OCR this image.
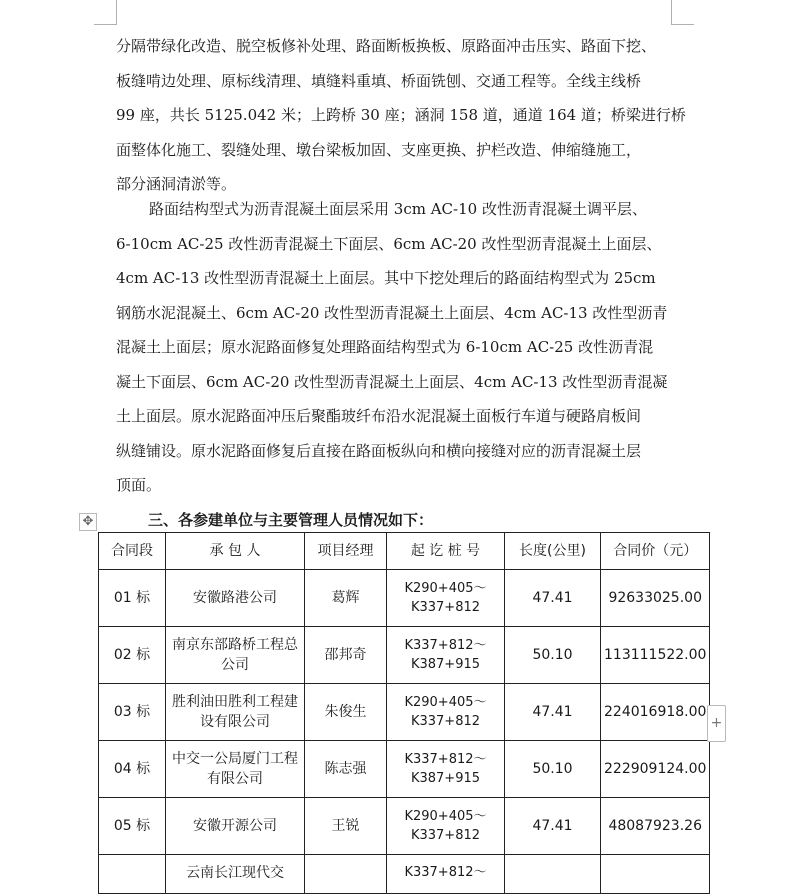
分隔带绿化改造、脱空板修补处理、路面断板换板、原路面冲击压实、路面下挖、
板缝啃边处理、原标线清理、填缝料重填、桥面铣刨、交通工程等。全线主线桥
99 座，共长 5125.042 米；上跨桥 30 座；涵洞 158 道，通道 164 道；桥梁进行桥
面整体化施工、裂缝处理、墩台梁板加固、支座更换、护栏改造、伸缩缝施工，
部分涵洞清淤等。
路面结构型式为沥青混凝土面层采用 3cm AC-10 改性沥青混凝土调平层、
6-10cm AC-25 改性沥青混凝土下面层、6cm AC-20 改性型沥青混凝土上面层、
4cm AC-13 改性型沥青混凝土上面层。其中下挖处理后的路面结构型式为 25cm
钢筋水泥混凝土、6cm AC-20 改性型沥青混凝土上面层、4cm AC-13 改性型沥青
混凝土上面层；原水泥路面修复处理路面结构型式为 6-10cm AC-25 改性沥青混
凝土下面层、6cm AC-20 改性型沥青混凝土上面层、4cm AC-13 改性型沥青混凝
土上面层。原水泥路面冲压后聚酯玻纤布沿水泥混凝土面板行车道与硬路肩板间
纵缝铺设。原水泥路面修复后直接在路面板纵向和横向接缝对应的沥青混凝土层
顶面。
✥	三、各参建单位与主要管理人员情况如下：
合同段	承 包 人	项目经理	起 讫 桩 号	长度(公里)	合同价（元）
01 标	安徽路港公司	葛辉	K290+405～
K337+812	47.41	92633025.00
02 标	南京东部路桥工程总公司	邵邦奇	K337+812～
K387+915	50.10	113111522.00
03 标	胜利油田胜利工程建设有限公司	朱俊生	K290+405～
K337+812	47.41	224016918.00
04 标	中交一公局厦门工程有限公司	陈志强	K337+812～
K387+915	50.10	222909124.00
05 标	安徽开源公司	王锐	K290+405～
K337+812	47.41	48087923.26
	云南长江现代交		K337+812～		
+
